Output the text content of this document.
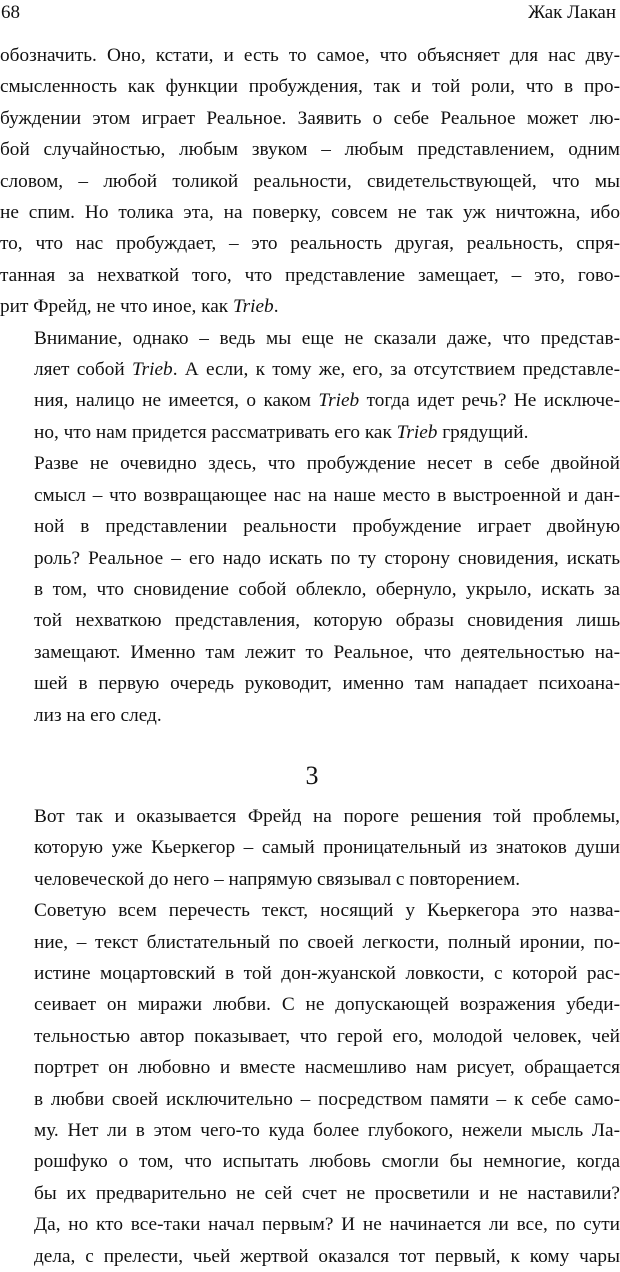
68	Жак Лакан

обозначить. Оно, кстати, и есть то самое, что объясняет для нас дву-
смысленность как функции пробуждения, так и той роли, что в про-
буждении этом играет Реальное. Заявить о себе Реальное может лю-
бой случайностью, любым звуком – любым представлением, одним
словом, – любой толикой реальности, свидетельствующей, что мы
не спим. Но толика эта, на поверку, совсем не так уж ничтожна, ибо
то, что нас пробуждает, – это реальность другая, реальность, спря-
танная за нехваткой того, что представление замещает, – это, гово-
рит Фрейд, не что иное, как Trieb.

Внимание, однако – ведь мы еще не сказали даже, что представ-
ляет собой Trieb. А если, к тому же, его, за отсутствием представле-
ния, налицо не имеется, о каком Trieb тогда идет речь? Не исключе-
но, что нам придется рассматривать его как Trieb грядущий.

Разве не очевидно здесь, что пробуждение несет в себе двойной
смысл – что возвращающее нас на наше место в выстроенной и дан-
ной в представлении реальности пробуждение играет двойную
роль? Реальное – его надо искать по ту сторону сновидения, искать
в том, что сновидение собой облекло, обернуло, укрыло, искать за
той нехваткою представления, которую образы сновидения лишь
замещают. Именно там лежит то Реальное, что деятельностью на-
шей в первую очередь руководит, именно там нападает психоана-
лиз на его след.

3

Вот так и оказывается Фрейд на пороге решения той проблемы,
которую уже Кьеркегор – самый проницательный из знатоков души
человеческой до него – напрямую связывал с повторением.

Советую всем перечесть текст, носящий у Кьеркегора это назва-
ние, – текст блистательный по своей легкости, полный иронии, по-
истине моцартовский в той дон-жуанской ловкости, с которой рас-
сеивает он миражи любви. С не допускающей возражения убеди-
тельностью автор показывает, что герой его, молодой человек, чей
портрет он любовно и вместе насмешливо нам рисует, обращается
в любви своей исключительно – посредством памяти – к себе само-
му. Нет ли в этом чего-то куда более глубокого, нежели мысль Ла-
рошфуко о том, что испытать любовь смогли бы немногие, когда
бы их предварительно не сей счет не просветили и не наставили?
Да, но кто все-таки начал первым? И не начинается ли все, по сути
дела, с прелести, чьей жертвой оказался тот первый, к кому чары
